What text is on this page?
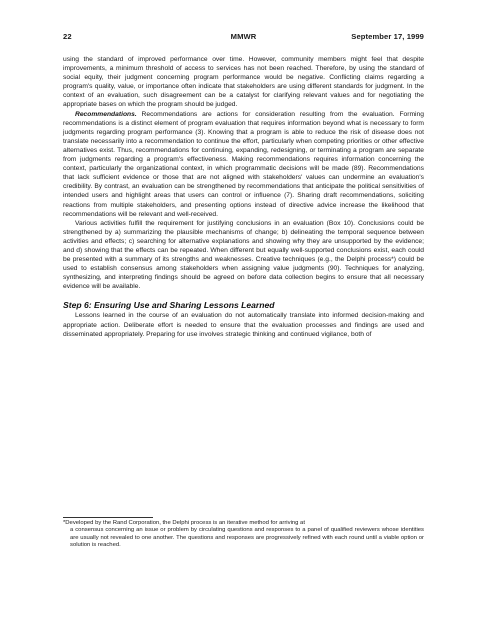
22	MMWR	September 17, 1999

using the standard of improved performance over time. However, community members might feel that despite improvements, a minimum threshold of access to services has not been reached. Therefore, by using the standard of social equity, their judgment concerning program performance would be negative. Conflicting claims regarding a program's quality, value, or importance often indicate that stakeholders are using different standards for judgment. In the context of an evaluation, such disagreement can be a catalyst for clarifying relevant values and for negotiating the appropriate bases on which the program should be judged.

Recommendations. Recommendations are actions for consideration resulting from the evaluation. Forming recommendations is a distinct element of program evaluation that requires information beyond what is necessary to form judgments regarding program performance (3). Knowing that a program is able to reduce the risk of disease does not translate necessarily into a recommendation to continue the effort, particularly when competing priorities or other effective alternatives exist. Thus, recommendations for continuing, expanding, redesigning, or terminating a program are separate from judgments regarding a program's effectiveness. Making recommendations requires information concerning the context, particularly the organizational context, in which programmatic decisions will be made (89). Recommendations that lack sufficient evidence or those that are not aligned with stakeholders' values can undermine an evaluation's credibility. By contrast, an evaluation can be strengthened by recommendations that anticipate the political sensitivities of intended users and highlight areas that users can control or influence (7). Sharing draft recommendations, soliciting reactions from multiple stakeholders, and presenting options instead of directive advice increase the likelihood that recommendations will be relevant and well-received.

Various activities fulfill the requirement for justifying conclusions in an evaluation (Box 10). Conclusions could be strengthened by a) summarizing the plausible mechanisms of change; b) delineating the temporal sequence between activities and effects; c) searching for alternative explanations and showing why they are unsupported by the evidence; and d) showing that the effects can be repeated. When different but equally well-supported conclusions exist, each could be presented with a summary of its strengths and weaknesses. Creative techniques (e.g., the Delphi process*) could be used to establish consensus among stakeholders when assigning value judgments (90). Techniques for analyzing, synthesizing, and interpreting findings should be agreed on before data collection begins to ensure that all necessary evidence will be available.

Step 6: Ensuring Use and Sharing Lessons Learned

Lessons learned in the course of an evaluation do not automatically translate into informed decision-making and appropriate action. Deliberate effort is needed to ensure that the evaluation processes and findings are used and disseminated appropriately. Preparing for use involves strategic thinking and continued vigilance, both of

*Developed by the Rand Corporation, the Delphi process is an iterative method for arriving at
a consensus concerning an issue or problem by circulating questions and responses to a panel of qualified reviewers whose identities are usually not revealed to one another. The questions and responses are progressively refined with each round until a viable option or solution is reached.
